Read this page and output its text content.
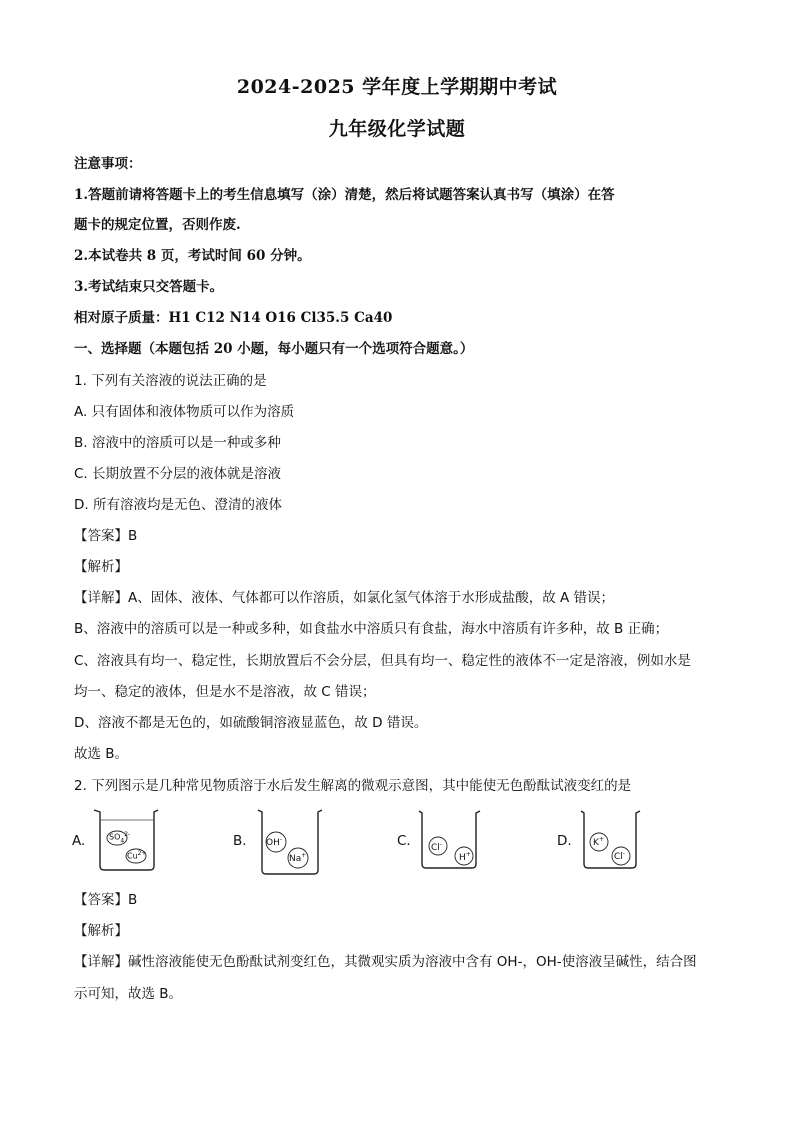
2024-2025 学年度上学期期中考试
九年级化学试题
注意事项：
1.答题前请将答题卡上的考生信息填写（涂）清楚，然后将试题答案认真书写（填涂）在答
题卡的规定位置，否则作废.
2.本试卷共 8 页，考试时间 60 分钟。
3.考试结束只交答题卡。
相对原子质量：H1 C12 N14 O16 Cl35.5 Ca40
一、选择题（本题包括 20 小题，每小题只有一个选项符合题意。）
1. 下列有关溶液的说法正确的是
A. 只有固体和液体物质可以作为溶质
B. 溶液中的溶质可以是一种或多种
C. 长期放置不分层的液体就是溶液
D. 所有溶液均是无色、澄清的液体
【答案】B
【解析】
【详解】A、固体、液体、气体都可以作溶质，如氯化氢气体溶于水形成盐酸，故 A 错误；
B、溶液中的溶质可以是一种或多种，如食盐水中溶质只有食盐，海水中溶质有许多种，故 B 正确；
C、溶液具有均一、稳定性，长期放置后不会分层，但具有均一、稳定性的液体不一定是溶液，例如水是
均一、稳定的液体，但是水不是溶液，故 C 错误；
D、溶液不都是无色的，如硫酸铜溶液显蓝色，故 D 错误。
故选 B。
2. 下列图示是几种常见物质溶于水后发生解离的微观示意图，其中能使无色酚酞试液变红的是
A.	$SO_4^{2-}$
$Cu^{2+}$
B. OH-
Na+
C. Cl-
H+
D. K+
Cl-
【答案】B
【解析】
【详解】碱性溶液能使无色酚酞试剂变红色，其微观实质为溶液中含有 OH-，OH-使溶液呈碱性，结合图
示可知，故选 B。
